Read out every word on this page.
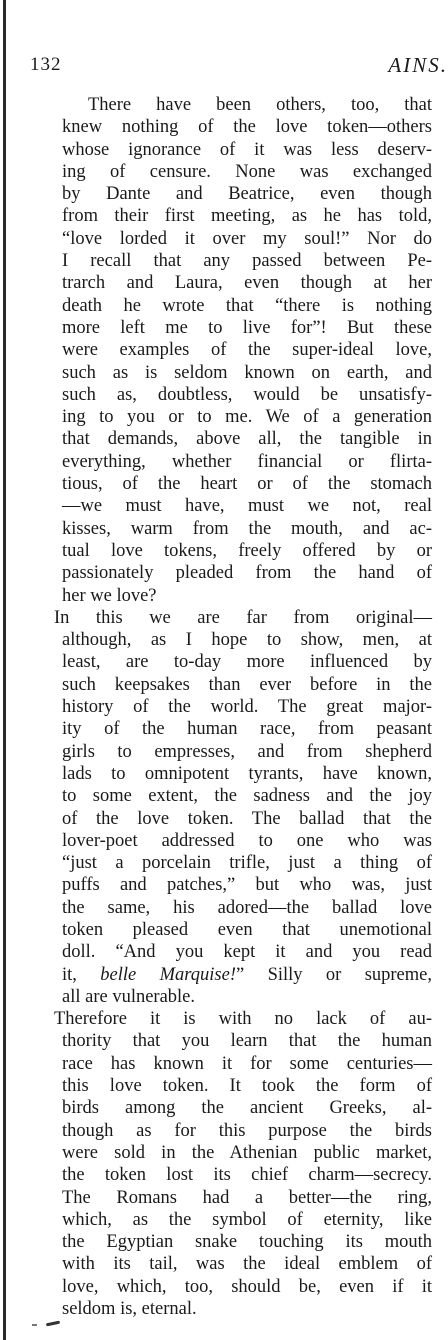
132	AINS.
There have been others, too, that
knew nothing of the love token—others
whose ignorance of it was less deserv-
ing of censure. None was exchanged
by Dante and Beatrice, even though
from their first meeting, as he has told,
“love lorded it over my soul!” Nor do
I recall that any passed between Pe-
trarch and Laura, even though at her
death he wrote that “there is nothing
more left me to live for”! But these
were examples of the super-ideal love,
such as is seldom known on earth, and
such as, doubtless, would be unsatisfy-
ing to you or to me. We of a generation
that demands, above all, the tangible in
everything, whether financial or flirta-
tious, of the heart or of the stomach
—we must have, must we not, real
kisses, warm from the mouth, and ac-
tual love tokens, freely offered by or
passionately pleaded from the hand of
her we love?
In this we are far from original—
although, as I hope to show, men, at
least, are to-day more influenced by
such keepsakes than ever before in the
history of the world. The great major-
ity of the human race, from peasant
girls to empresses, and from shepherd
lads to omnipotent tyrants, have known,
to some extent, the sadness and the joy
of the love token. The ballad that the
lover-poet addressed to one who was
“just a porcelain trifle, just a thing of
puffs and patches,” but who was, just
the same, his adored—the ballad love
token pleased even that unemotional
doll. “And you kept it and you read
it, belle Marquise!” Silly or supreme,
all are vulnerable.
Therefore it is with no lack of au-
thority that you learn that the human
race has known it for some centuries—
this love token. It took the form of
birds among the ancient Greeks, al-
though as for this purpose the birds
were sold in the Athenian public market,
the token lost its chief charm—secrecy.
The Romans had a better—the ring,
which, as the symbol of eternity, like
the Egyptian snake touching its mouth
with its tail, was the ideal emblem of
love, which, too, should be, even if it
seldom is, eternal.
